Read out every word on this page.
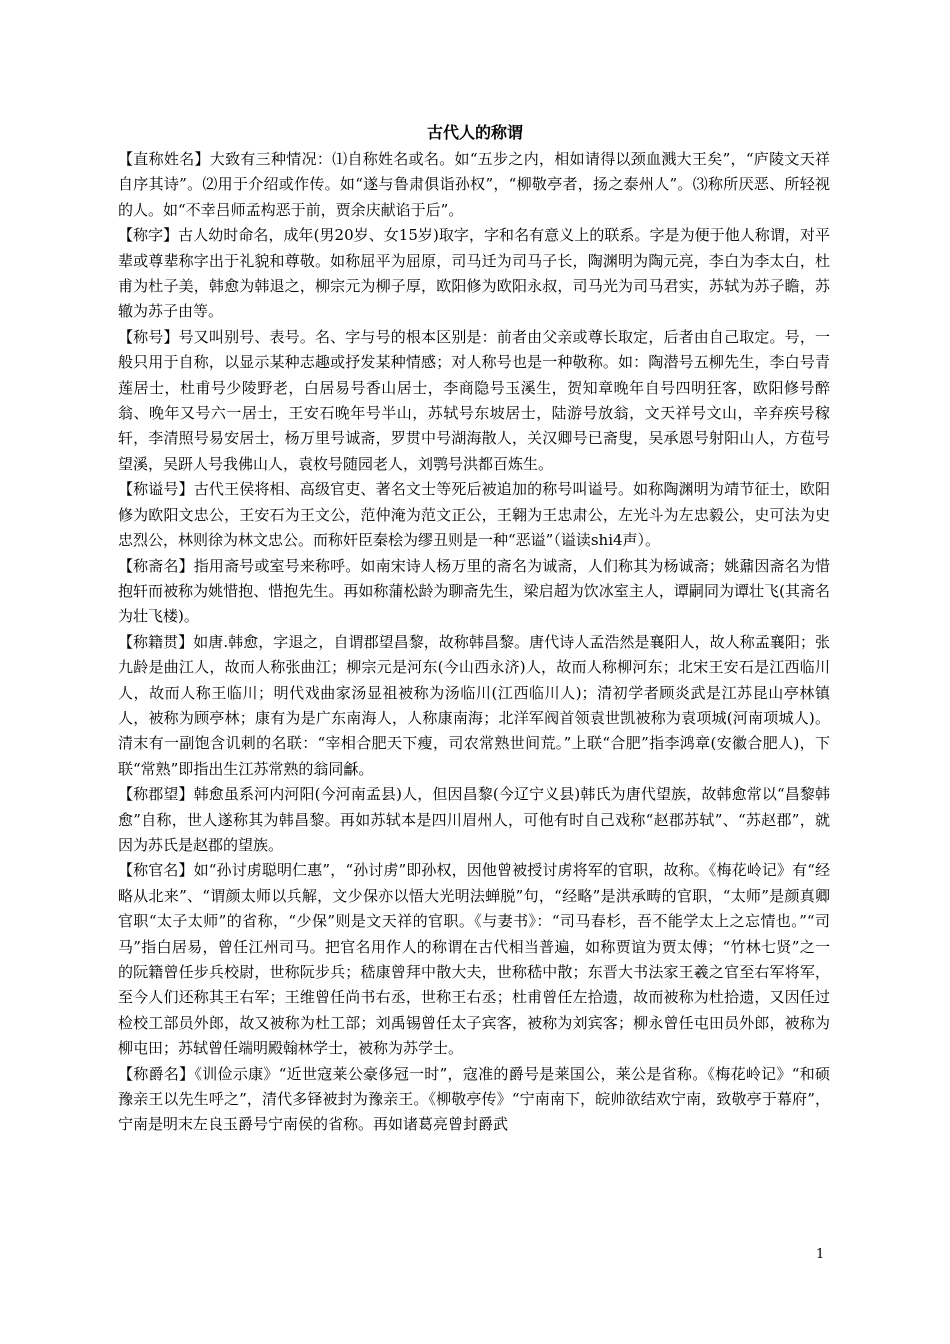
古代人的称谓

【直称姓名】大致有三种情况：⑴自称姓名或名。如“五步之内，相如请得以颈血溅大王矣”，“庐陵文天祥自序其诗”。⑵用于介绍或作传。如“遂与鲁肃俱诣孙权”，“柳敬亭者，扬之泰州人”。⑶称所厌恶、所轻视的人。如“不幸吕师孟构恶于前，贾余庆献谄于后”。

【称字】古人幼时命名，成年(男20岁、女15岁)取字，字和名有意义上的联系。字是为便于他人称谓，对平辈或尊辈称字出于礼貌和尊敬。如称屈平为屈原，司马迁为司马子长，陶渊明为陶元亮，李白为李太白，杜甫为杜子美，韩愈为韩退之，柳宗元为柳子厚，欧阳修为欧阳永叔，司马光为司马君实，苏轼为苏子瞻，苏辙为苏子由等。

【称号】号又叫别号、表号。名、字与号的根本区别是：前者由父亲或尊长取定，后者由自己取定。号，一般只用于自称，以显示某种志趣或抒发某种情感；对人称号也是一种敬称。如：陶潜号五柳先生，李白号青莲居士，杜甫号少陵野老，白居易号香山居士，李商隐号玉溪生，贺知章晚年自号四明狂客，欧阳修号醉翁、晚年又号六一居士，王安石晚年号半山，苏轼号东坡居士，陆游号放翁，文天祥号文山，辛弃疾号稼轩，李清照号易安居士，杨万里号诚斋，罗贯中号湖海散人，关汉卿号已斋叟，吴承恩号射阳山人，方苞号望溪，吴趼人号我佛山人，袁枚号随园老人，刘鹗号洪都百炼生。

【称谥号】古代王侯将相、高级官吏、著名文士等死后被追加的称号叫谥号。如称陶渊明为靖节征士，欧阳修为欧阳文忠公，王安石为王文公，范仲淹为范文正公，王翱为王忠肃公，左光斗为左忠毅公，史可法为史忠烈公，林则徐为林文忠公。而称奸臣秦桧为缪丑则是一种“恶谥”（谥读shi4声）。

【称斋名】指用斋号或室号来称呼。如南宋诗人杨万里的斋名为诚斋，人们称其为杨诚斋；姚鼐因斋名为惜抱轩而被称为姚惜抱、惜抱先生。再如称蒲松龄为聊斋先生，梁启超为饮冰室主人，谭嗣同为谭壮飞(其斋名为壮飞楼)。

【称籍贯】如唐.韩愈，字退之，自谓郡望昌黎，故称韩昌黎。唐代诗人孟浩然是襄阳人，故人称孟襄阳；张九龄是曲江人，故而人称张曲江；柳宗元是河东(今山西永济)人，故而人称柳河东；北宋王安石是江西临川人，故而人称王临川；明代戏曲家汤显祖被称为汤临川(江西临川人)；清初学者顾炎武是江苏昆山亭林镇人，被称为顾亭林；康有为是广东南海人，人称康南海；北洋军阀首领袁世凯被称为袁项城(河南项城人)。清末有一副饱含讥刺的名联：“宰相合肥天下瘦，司农常熟世间荒。”上联“合肥”指李鸿章(安徽合肥人)，下联“常熟”即指出生江苏常熟的翁同龢。

【称郡望】韩愈虽系河内河阳(今河南孟县)人，但因昌黎(今辽宁义县)韩氏为唐代望族，故韩愈常以“昌黎韩愈”自称，世人遂称其为韩昌黎。再如苏轼本是四川眉州人，可他有时自己戏称“赵郡苏轼”、“苏赵郡”，就因为苏氏是赵郡的望族。

【称官名】如“孙讨虏聪明仁惠”，“孙讨虏”即孙权，因他曾被授讨虏将军的官职，故称。《梅花岭记》有“经略从北来”、“谓颜太师以兵解，文少保亦以悟大光明法蝉脱”句，“经略”是洪承畴的官职，“太师”是颜真卿官职“太子太师”的省称，“少保”则是文天祥的官职。《与妻书》：“司马春杉，吾不能学太上之忘情也。”“司马”指白居易，曾任江州司马。把官名用作人的称谓在古代相当普遍，如称贾谊为贾太傅；“竹林七贤”之一的阮籍曾任步兵校尉，世称阮步兵；嵇康曾拜中散大夫，世称嵇中散；东晋大书法家王羲之官至右军将军，至今人们还称其王右军；王维曾任尚书右丞，世称王右丞；杜甫曾任左拾遗，故而被称为杜拾遗，又因任过检校工部员外郎，故又被称为杜工部；刘禹锡曾任太子宾客，被称为刘宾客；柳永曾任屯田员外郎，被称为柳屯田；苏轼曾任端明殿翰林学士，被称为苏学士。

【称爵名】《训俭示康》“近世寇莱公豪侈冠一时”，寇准的爵号是莱国公，莱公是省称。《梅花岭记》“和硕豫亲王以先生呼之”，清代多铎被封为豫亲王。《柳敬亭传》“宁南南下，皖帅欲结欢宁南，致敬亭于幕府”，宁南是明末左良玉爵号宁南侯的省称。再如诸葛亮曾封爵武

1
